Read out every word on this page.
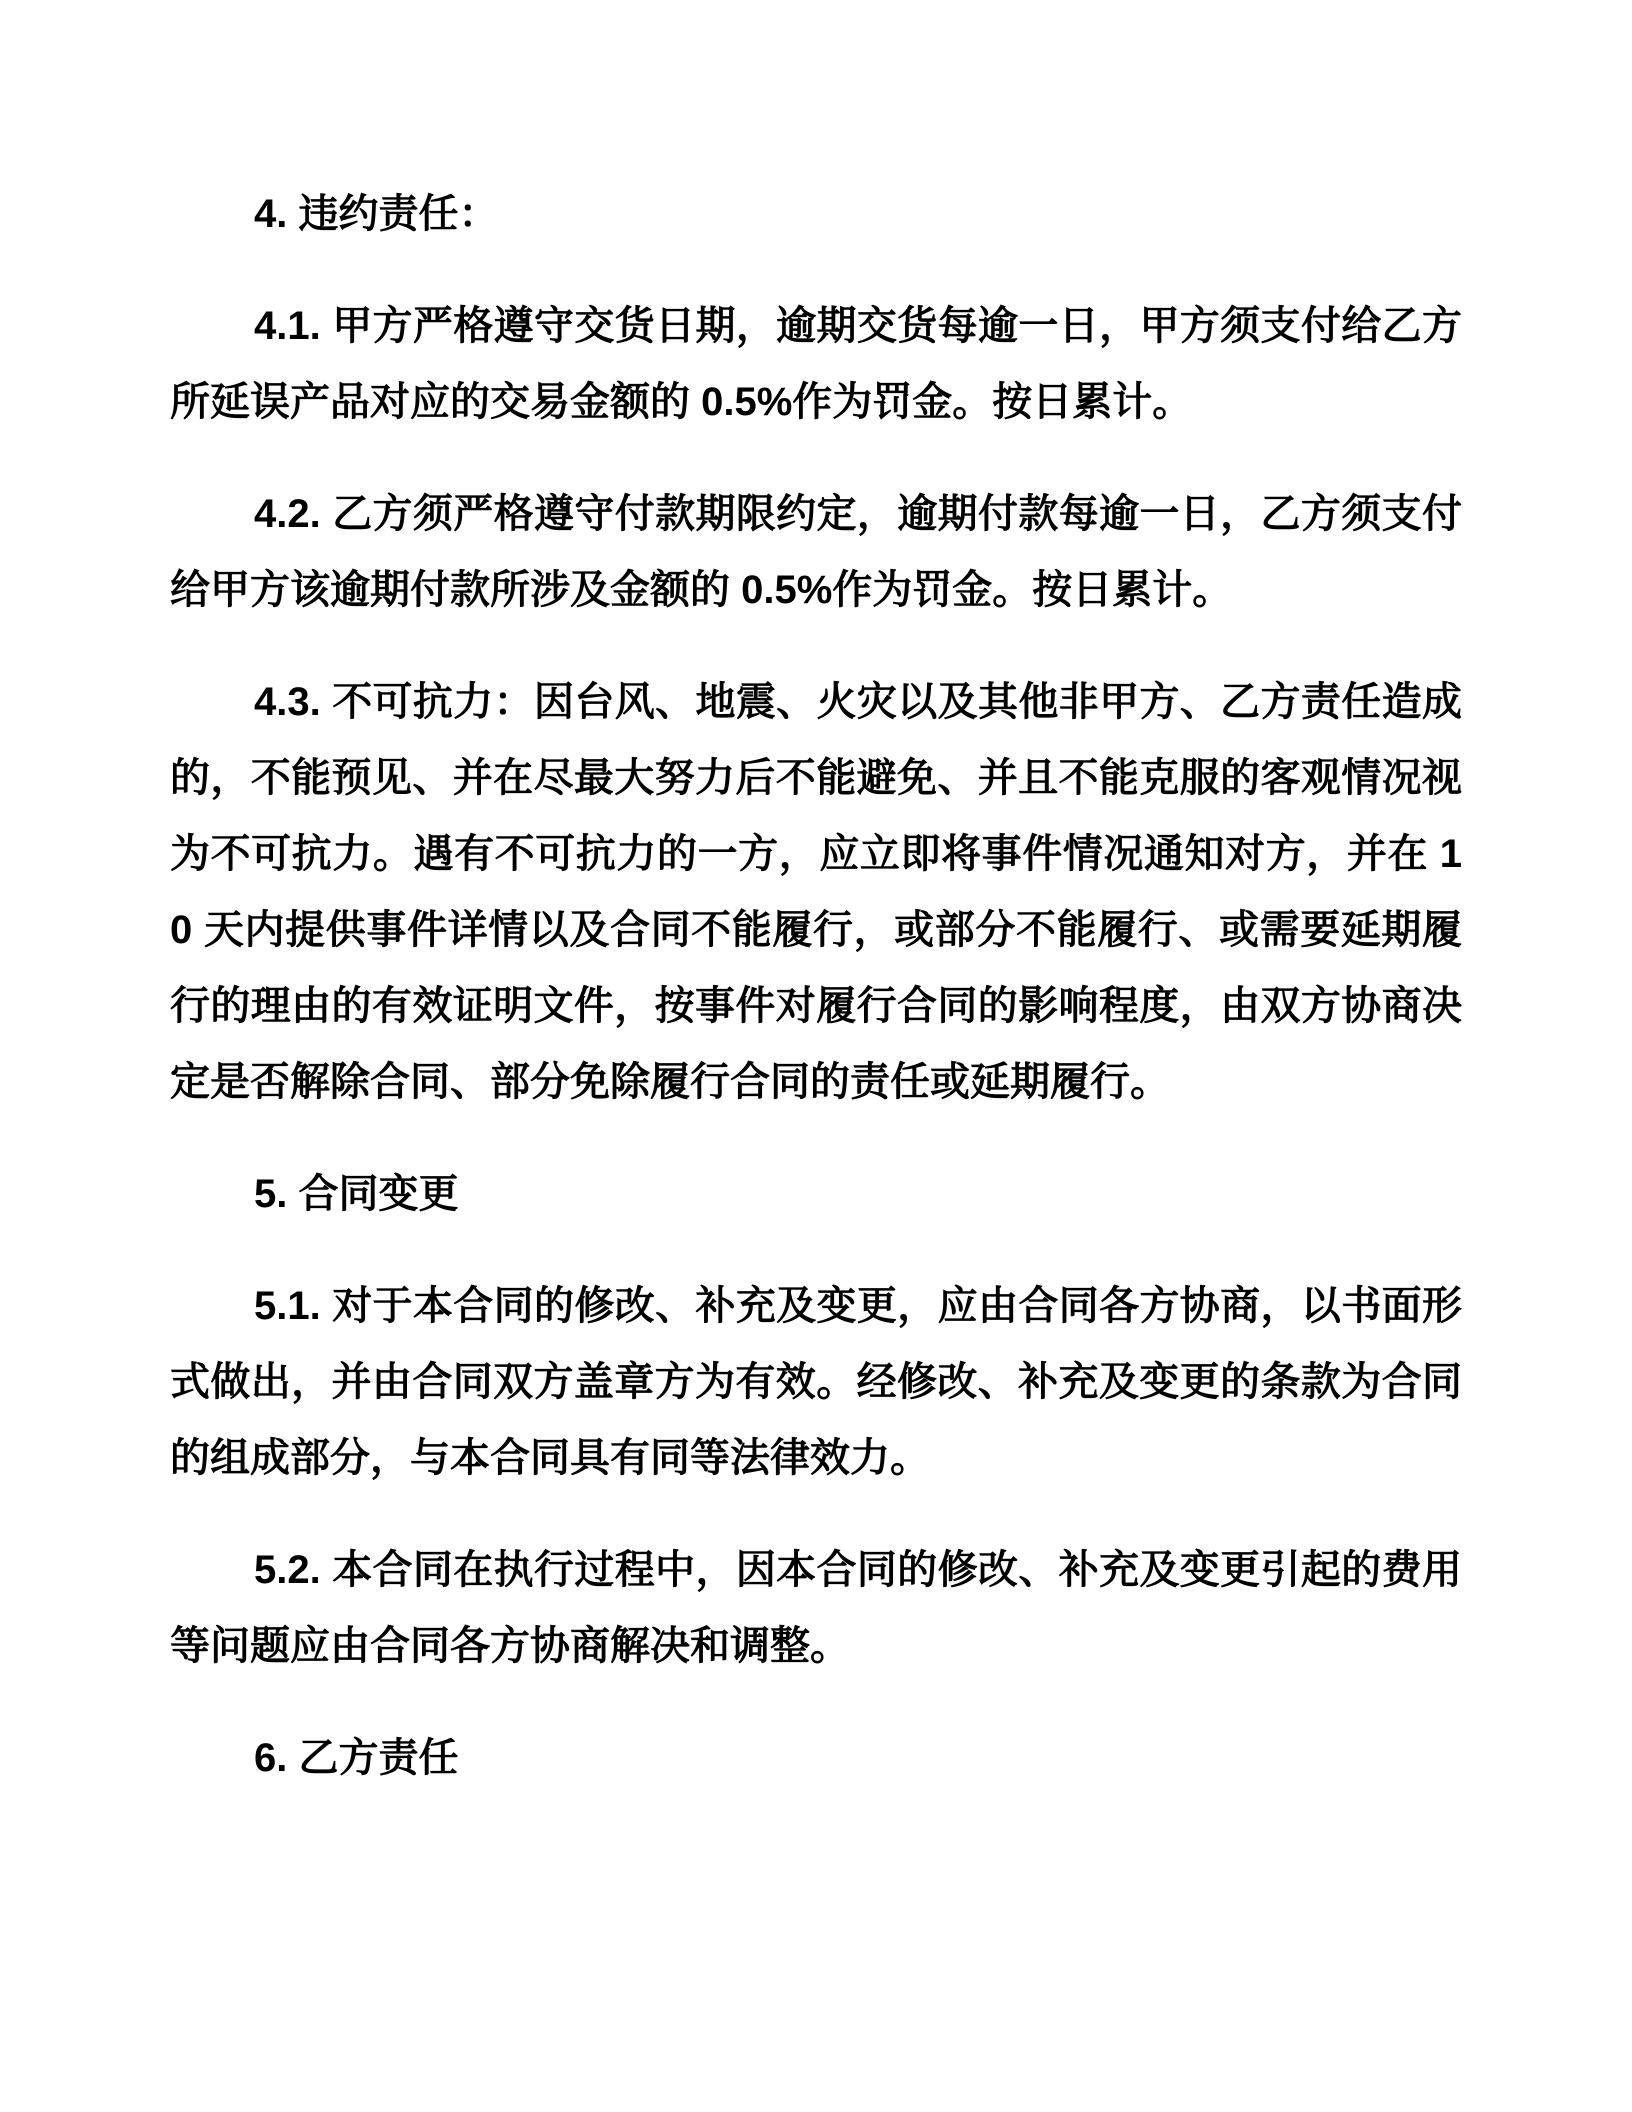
4. 违约责任：

4.1. 甲方严格遵守交货日期，逾期交货每逾一日，甲方须支付给乙方所延误产品对应的交易金额的 0.5%作为罚金。按日累计。

4.2. 乙方须严格遵守付款期限约定，逾期付款每逾一日，乙方须支付给甲方该逾期付款所涉及金额的 0.5%作为罚金。按日累计。

4.3. 不可抗力：因台风、地震、火灾以及其他非甲方、乙方责任造成的，不能预见、并在尽最大努力后不能避免、并且不能克服的客观情况视为不可抗力。遇有不可抗力的一方，应立即将事件情况通知对方，并在 10 天内提供事件详情以及合同不能履行，或部分不能履行、或需要延期履行的理由的有效证明文件，按事件对履行合同的影响程度，由双方协商决定是否解除合同、部分免除履行合同的责任或延期履行。

5. 合同变更

5.1. 对于本合同的修改、补充及变更，应由合同各方协商，以书面形式做出，并由合同双方盖章方为有效。经修改、补充及变更的条款为合同的组成部分，与本合同具有同等法律效力。

5.2. 本合同在执行过程中，因本合同的修改、补充及变更引起的费用等问题应由合同各方协商解决和调整。

6. 乙方责任
